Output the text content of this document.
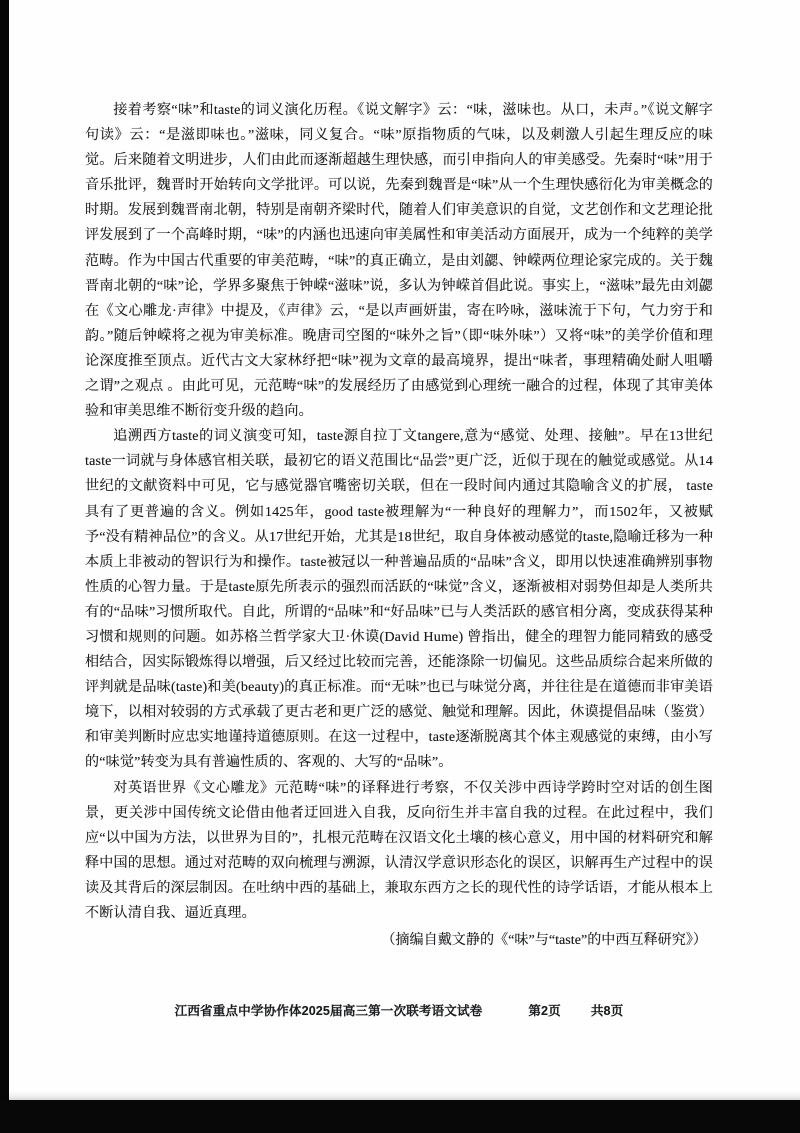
接着考察“味”和taste的词义演化历程。《说文解字》云：“味，滋味也。从口，未声。”《说文解字句读》云：“是滋即味也。”滋味，同义复合。“味”原指物质的气味，以及刺激人引起生理反应的味觉。后来随着文明进步，人们由此而逐渐超越生理快感，而引申指向人的审美感受。先秦时“味”用于音乐批评，魏晋时开始转向文学批评。可以说，先秦到魏晋是“味”从一个生理快感衍化为审美概念的时期。发展到魏晋南北朝，特别是南朝齐梁时代，随着人们审美意识的自觉，文艺创作和文艺理论批评发展到了一个高峰时期，“味”的内涵也迅速向审美属性和审美活动方面展开，成为一个纯粹的美学范畴。作为中国古代重要的审美范畴，“味”的真正确立，是由刘勰、钟嵘两位理论家完成的。关于魏晋南北朝的“味”论，学界多聚焦于钟嵘“滋味”说，多认为钟嵘首倡此说。事实上，“滋味”最先由刘勰在《文心雕龙·声律》中提及，《声律》云，“是以声画妍蚩，寄在吟咏，滋味流于下句，气力穷于和韵。”随后钟嵘将之视为审美标准。晚唐司空图的“味外之旨”（即“味外味”）又将“味”的美学价值和理论深度推至顶点。近代古文大家林纾把“味”视为文章的最高境界，提出“味者，事理精确处耐人咀嚼之谓”之观点 。由此可见，元范畴“味”的发展经历了由感觉到心理统一融合的过程，体现了其审美体验和审美思维不断衍变升级的趋向。

追溯西方taste的词义演变可知，taste源自拉丁文tangere,意为“感觉、处理、接触”。早在13世纪taste一词就与身体感官相关联，最初它的语义范围比“品尝”更广泛，近似于现在的触觉或感觉。从14世纪的文献资料中可见，它与感觉器官嘴密切关联，但在一段时间内通过其隐喻含义的扩展， taste具有了更普遍的含义。例如1425年，good taste被理解为“一种良好的理解力”，而1502年，又被赋予“没有精神品位”的含义。从17世纪开始，尤其是18世纪，取自身体被动感觉的taste,隐喻迁移为一种本质上非被动的智识行为和操作。taste被冠以一种普遍品质的“品味”含义，即用以快速准确辨别事物性质的心智力量。于是taste原先所表示的强烈而活跃的“味觉”含义，逐渐被相对弱势但却是人类所共有的“品味”习惯所取代。自此，所谓的“品味”和“好品味”已与人类活跃的感官相分离，变成获得某种习惯和规则的问题。如苏格兰哲学家大卫·休谟(David Hume) 曾指出，健全的理智力能同精致的感受相结合，因实际锻炼得以增强，后又经过比较而完善，还能涤除一切偏见。这些品质综合起来所做的评判就是品味(taste)和美(beauty)的真正标准。而“无味”也已与味觉分离，并往往是在道德而非审美语境下，以相对较弱的方式承载了更古老和更广泛的感觉、触觉和理解。因此，休谟提倡品味（鉴赏）和审美判断时应忠实地谨持道德原则。在这一过程中，taste逐渐脱离其个体主观感觉的束缚，由小写的“味觉”转变为具有普遍性质的、客观的、大写的“品味”。

对英语世界《文心雕龙》元范畴“味”的译释进行考察，不仅关涉中西诗学跨时空对话的创生图景，更关涉中国传统文论借由他者迂回进入自我，反向衍生并丰富自我的过程。在此过程中，我们应“以中国为方法，以世界为目的”，扎根元范畴在汉语文化土壤的核心意义，用中国的材料研究和解释中国的思想。通过对范畴的双向梳理与溯源，认清汉学意识形态化的误区，识解再生产过程中的误读及其背后的深层制因。在吐纳中西的基础上，兼取东西方之长的现代性的诗学话语，才能从根本上不断认清自我、逼近真理。

（摘编自戴文静的《“味”与“taste”的中西互释研究》）

江西省重点中学协作体2025届高三第一次联考语文试卷	第2页 共8页
